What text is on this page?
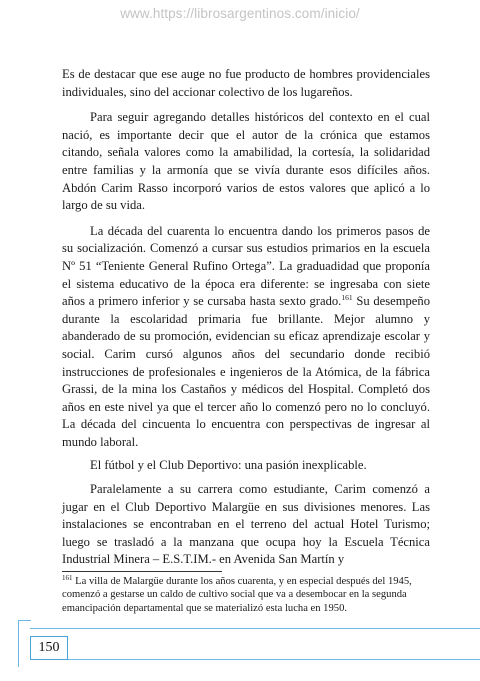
www.https://librosargentinos.com/inicio/

Es de destacar que ese auge no fue producto de hombres providenciales individuales, sino del accionar colectivo de los lugareños.

Para seguir agregando detalles históricos del contexto en el cual nació, es importante decir que el autor de la crónica que estamos citando, señala valores como la amabilidad, la cortesía, la solidaridad entre familias y la armonía que se vivía durante esos difíciles años. Abdón Carim Rasso incorporó varios de estos valores que aplicó a lo largo de su vida.

La década del cuarenta lo encuentra dando los primeros pasos de su socialización. Comenzó a cursar sus estudios primarios en la escuela Nº 51 “Teniente General Rufino Ortega”. La graduadidad que proponía el sistema educativo de la época era diferente: se ingresaba con siete años a primero inferior y se cursaba hasta sexto grado.$^{161}$ Su desempeño durante la escolaridad primaria fue brillante. Mejor alumno y abanderado de su promoción, evidencian su eficaz aprendizaje escolar y social. Carim cursó algunos años del secundario donde recibió instrucciones de profesionales e ingenieros de la Atómica, de la fábrica Grassi, de la mina los Castaños y médicos del Hospital. Completó dos años en este nivel ya que el tercer año lo comenzó pero no lo concluyó. La década del cincuenta lo encuentra con perspectivas de ingresar al mundo laboral.

El fútbol y el Club Deportivo: una pasión inexplicable.

Paralelamente a su carrera como estudiante, Carim comenzó a jugar en el Club Deportivo Malargüe en sus divisiones menores. Las instalaciones se encontraban en el terreno del actual Hotel Turismo; luego se trasladó a la manzana que ocupa hoy la Escuela Técnica Industrial Minera – E.S.T.IM.- en Avenida San Martín y

$^{161}$ La villa de Malargüe durante los años cuarenta, y en especial después del 1945, comenzó a gestarse un caldo de cultivo social que va a desembocar en la segunda emancipación departamental que se materializó esta lucha en 1950.

150
